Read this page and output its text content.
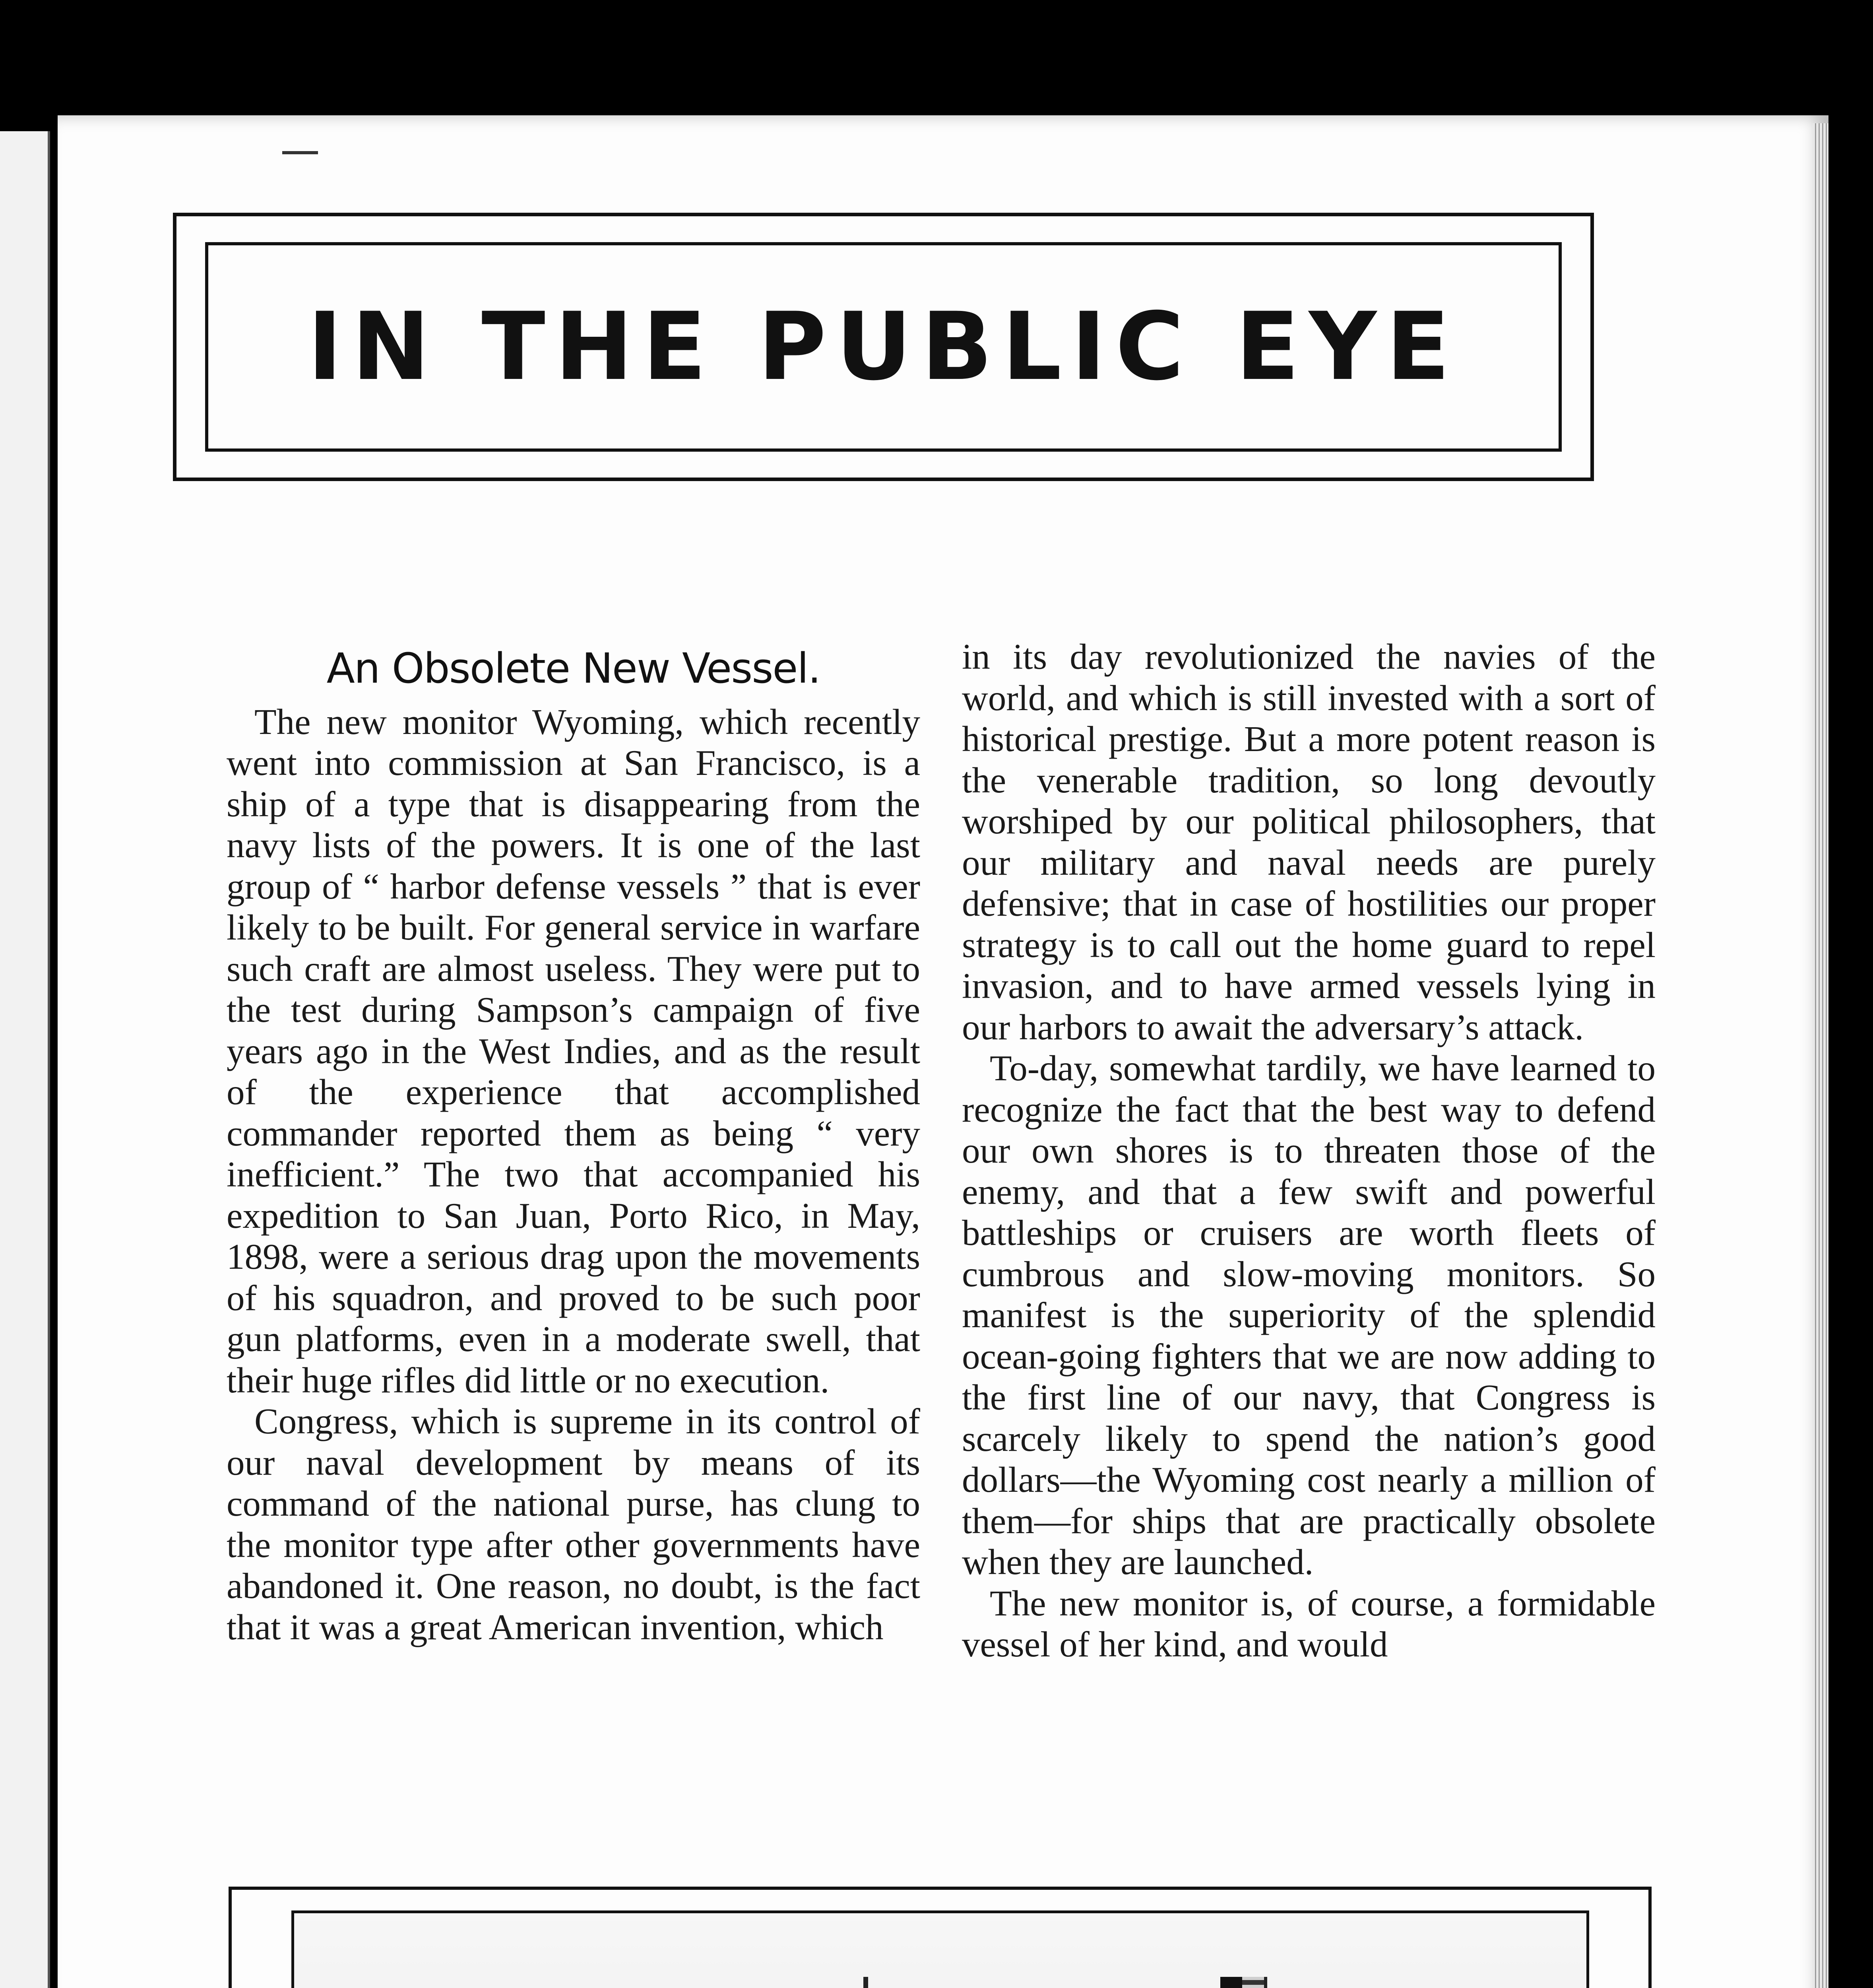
IN THE PUBLIC EYE
An Obsolete New Vessel.

The new monitor Wyoming, which recently went into commission at San Francisco, is a ship of a type that is disappearing from the navy lists of the powers. It is one of the last group of “ harbor defense vessels ” that is ever likely to be built. For general service in warfare such craft are almost useless. They were put to the test during Sampson’s campaign of five years ago in the West Indies, and as the result of the experience that accomplished commander reported them as being “ very inefficient.” The two that accompanied his expedition to San Juan, Porto Rico, in May, 1898, were a serious drag upon the movements of his squadron, and proved to be such poor gun platforms, even in a moderate swell, that their huge rifles did little or no execution.

Congress, which is supreme in its control of our naval development by means of its command of the national purse, has clung to the monitor type after other governments have abandoned it. One reason, no doubt, is the fact that it was a great American invention, which

in its day revolutionized the navies of the world, and which is still invested with a sort of historical prestige. But a more potent reason is the venerable tradition, so long devoutly worshiped by our political philosophers, that our military and naval needs are purely defensive; that in case of hostilities our proper strategy is to call out the home guard to repel invasion, and to have armed vessels lying in our harbors to await the adversary’s attack.

To-day, somewhat tardily, we have learned to recognize the fact that the best way to defend our own shores is to threaten those of the enemy, and that a few swift and powerful battleships or cruisers are worth fleets of cumbrous and slow-moving monitors. So manifest is the superiority of the splendid ocean-going fighters that we are now adding to the first line of our navy, that Congress is scarcely likely to spend the nation’s good dollars—the Wyoming cost nearly a million of them—for ships that are practically obsolete when they are launched.

The new monitor is, of course, a formidable vessel of her kind, and would
